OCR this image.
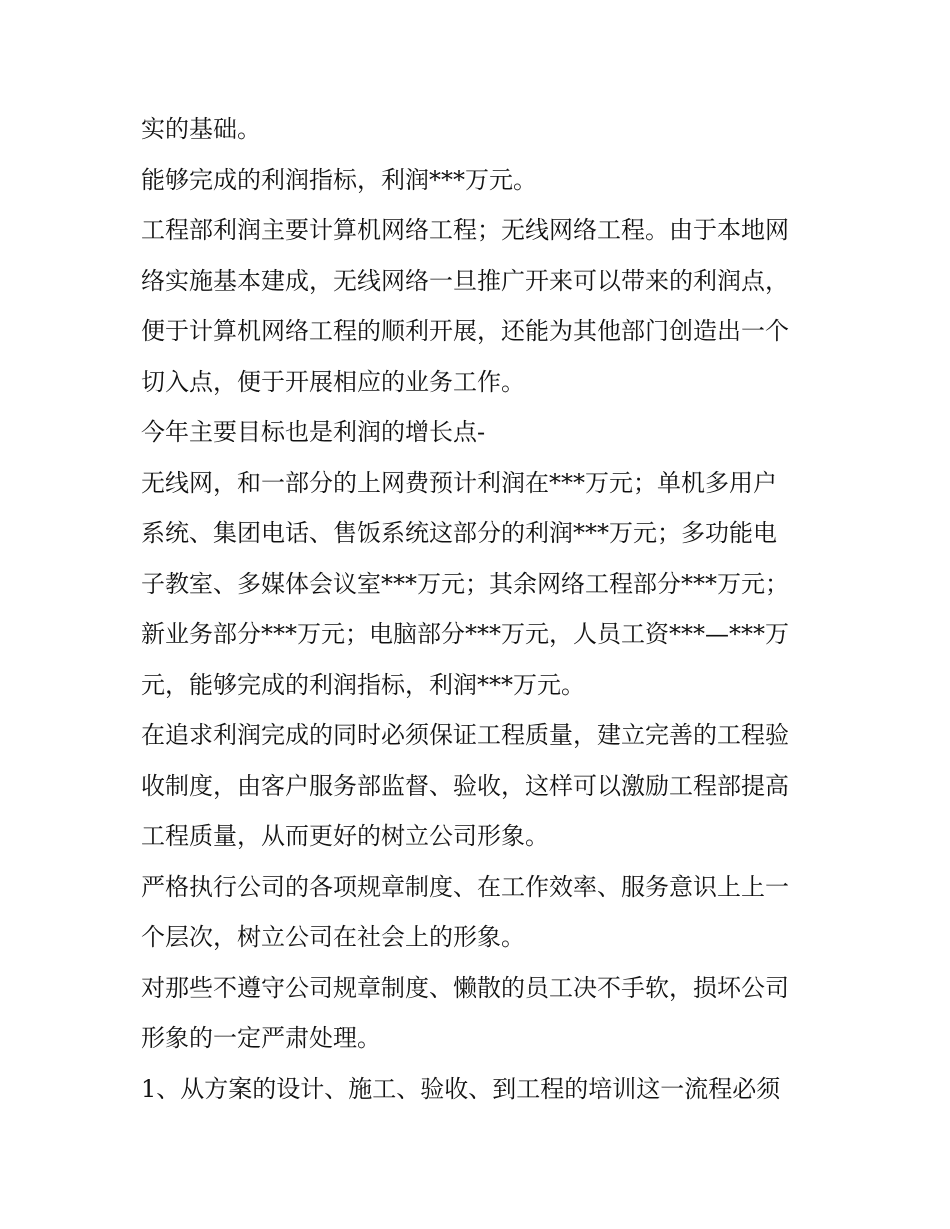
实的基础。
能够完成的利润指标，利润***万元。
工程部利润主要计算机网络工程；无线网络工程。由于本地网
络实施基本建成，无线网络一旦推广开来可以带来的利润点，
便于计算机网络工程的顺利开展，还能为其他部门创造出一个
切入点，便于开展相应的业务工作。
今年主要目标也是利润的增长点-
无线网，和一部分的上网费预计利润在***万元；单机多用户
系统、集团电话、售饭系统这部分的利润***万元；多功能电
子教室、多媒体会议室***万元；其余网络工程部分***万元；
新业务部分***万元；电脑部分***万元，人员工资***—***万
元，能够完成的利润指标，利润***万元。
在追求利润完成的同时必须保证工程质量，建立完善的工程验
收制度，由客户服务部监督、验收，这样可以激励工程部提高
工程质量，从而更好的树立公司形象。
严格执行公司的各项规章制度、在工作效率、服务意识上上一
个层次，树立公司在社会上的形象。
对那些不遵守公司规章制度、懒散的员工决不手软，损坏公司
形象的一定严肃处理。
1、从方案的设计、施工、验收、到工程的培训这一流程必须
